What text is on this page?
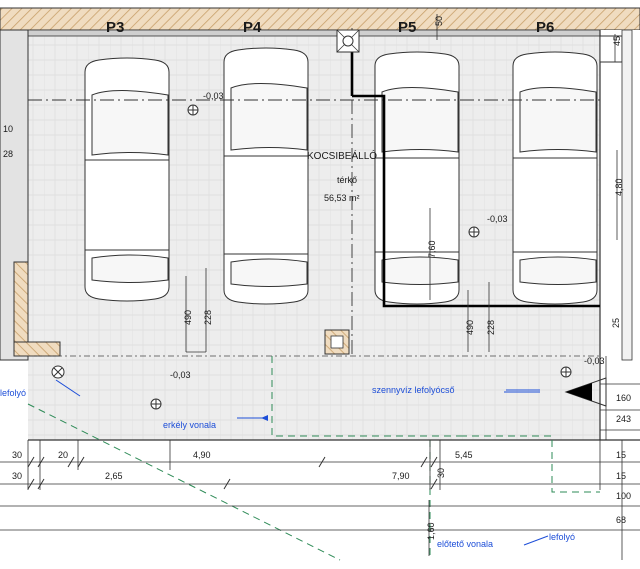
P3	P4	P5	P6
KOCSIBEÁLLÓ
térkő
56,53 m²
-0,03
-0,03
-0,03
-0,03
szennyvíz lefolyócső
erkély vonala
előtető vonala
lefolyó
lefolyó
30	20	4,90	5,45
30	2,65	7,90
15
15
30
490 228
490 228
7,60
4,80
1,60
50
45
25
10
28
160
243
100
68
